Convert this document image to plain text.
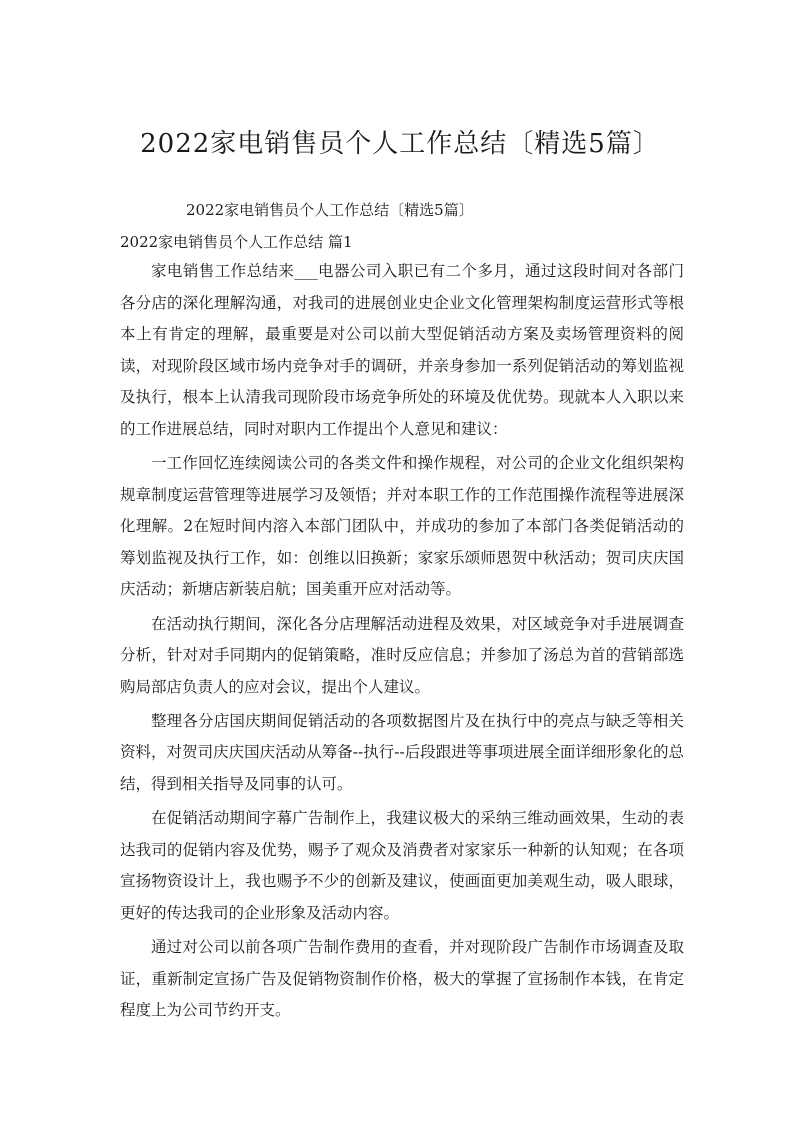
2022家电销售员个人工作总结〔精选5篇〕
2022家电销售员个人工作总结〔精选5篇〕
2022家电销售员个人工作总结 篇1

家电销售工作总结来___电器公司入职已有二个多月，通过这段时间对各部门各分店的深化理解沟通，对我司的进展创业史企业文化管理架构制度运营形式等根本上有肯定的理解，最重要是对公司以前大型促销活动方案及卖场管理资料的阅读，对现阶段区域市场内竞争对手的调研，并亲身参加一系列促销活动的筹划监视及执行，根本上认清我司现阶段市场竞争所处的环境及优优势。现就本人入职以来的工作进展总结，同时对职内工作提出个人意见和建议：

一工作回忆连续阅读公司的各类文件和操作规程，对公司的企业文化组织架构规章制度运营管理等进展学习及领悟；并对本职工作的工作范围操作流程等进展深化理解。2在短时间内溶入本部门团队中，并成功的参加了本部门各类促销活动的筹划监视及执行工作，如：创维以旧换新；家家乐颂师恩贺中秋活动；贺司庆庆国庆活动；新塘店新装启航；国美重开应对活动等。

在活动执行期间，深化各分店理解活动进程及效果，对区域竞争对手进展调查分析，针对对手同期内的促销策略，准时反应信息；并参加了汤总为首的营销部选购局部店负责人的应对会议，提出个人建议。

整理各分店国庆期间促销活动的各项数据图片及在执行中的亮点与缺乏等相关资料，对贺司庆庆国庆活动从筹备--执行--后段跟进等事项进展全面详细形象化的总结，得到相关指导及同事的认可。

在促销活动期间字幕广告制作上，我建议极大的采纳三维动画效果，生动的表达我司的促销内容及优势，赐予了观众及消费者对家家乐一种新的认知观；在各项宣扬物资设计上，我也赐予不少的创新及建议，使画面更加美观生动，吸人眼球，更好的传达我司的企业形象及活动内容。

通过对公司以前各项广告制作费用的查看，并对现阶段广告制作市场调查及取证，重新制定宣扬广告及促销物资制作价格，极大的掌握了宣扬制作本钱，在肯定程度上为公司节约开支。
